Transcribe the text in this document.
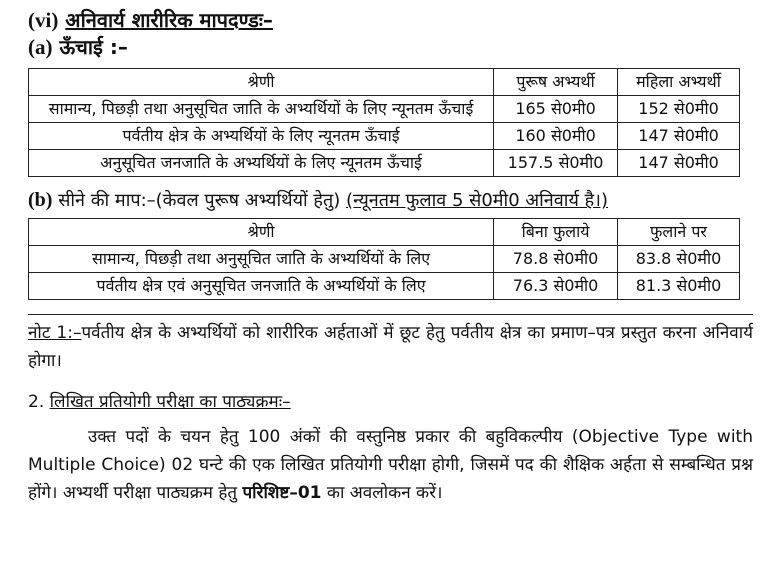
(vi) अनिवार्य शारीरिक मापदण्डः–

(a) ऊँचाई :–

श्रेणी	पुरूष अभ्यर्थी	महिला अभ्यर्थी
सामान्य, पिछड़ी तथा अनुसूचित जाति के अभ्यर्थियों के लिए न्यूनतम ऊँचाई	165 से0मी0	152 से0मी0
पर्वतीय क्षेत्र के अभ्यर्थियों के लिए न्यूनतम ऊँचाई	160 से0मी0	147 से0मी0
अनुसूचित जनजाति के अभ्यर्थियों के लिए न्यूनतम ऊँचाई	157.5 से0मी0	147 से0मी0

(b) सीने की माप:–(केवल पुरूष अभ्यर्थियों हेतु) (न्यूनतम फुलाव 5 से0मी0 अनिवार्य है।)

श्रेणी	बिना फुलाये	फुलाने पर
सामान्य, पिछड़ी तथा अनुसूचित जाति के अभ्यर्थियों के लिए	78.8 से0मी0	83.8 से0मी0
पर्वतीय क्षेत्र एवं अनुसूचित जनजाति के अभ्यर्थियों के लिए	76.3 से0मी0	81.3 से0मी0

नोट 1:–पर्वतीय क्षेत्र के अभ्यर्थियों को शारीरिक अर्हताओं में छूट हेतु पर्वतीय क्षेत्र का प्रमाण–पत्र प्रस्तुत करना अनिवार्य होगा।

2. लिखित प्रतियोगी परीक्षा का पाठ्यक्रमः–

उक्त पदों के चयन हेतु 100 अंकों की वस्तुनिष्ठ प्रकार की बहुविकल्पीय (Objective Type with Multiple Choice) 02 घन्टे की एक लिखित प्रतियोगी परीक्षा होगी, जिसमें पद की शैक्षिक अर्हता से सम्बन्धित प्रश्न होंगे। अभ्यर्थी परीक्षा पाठ्यक्रम हेतु परिशिष्ट–01 का अवलोकन करें।
